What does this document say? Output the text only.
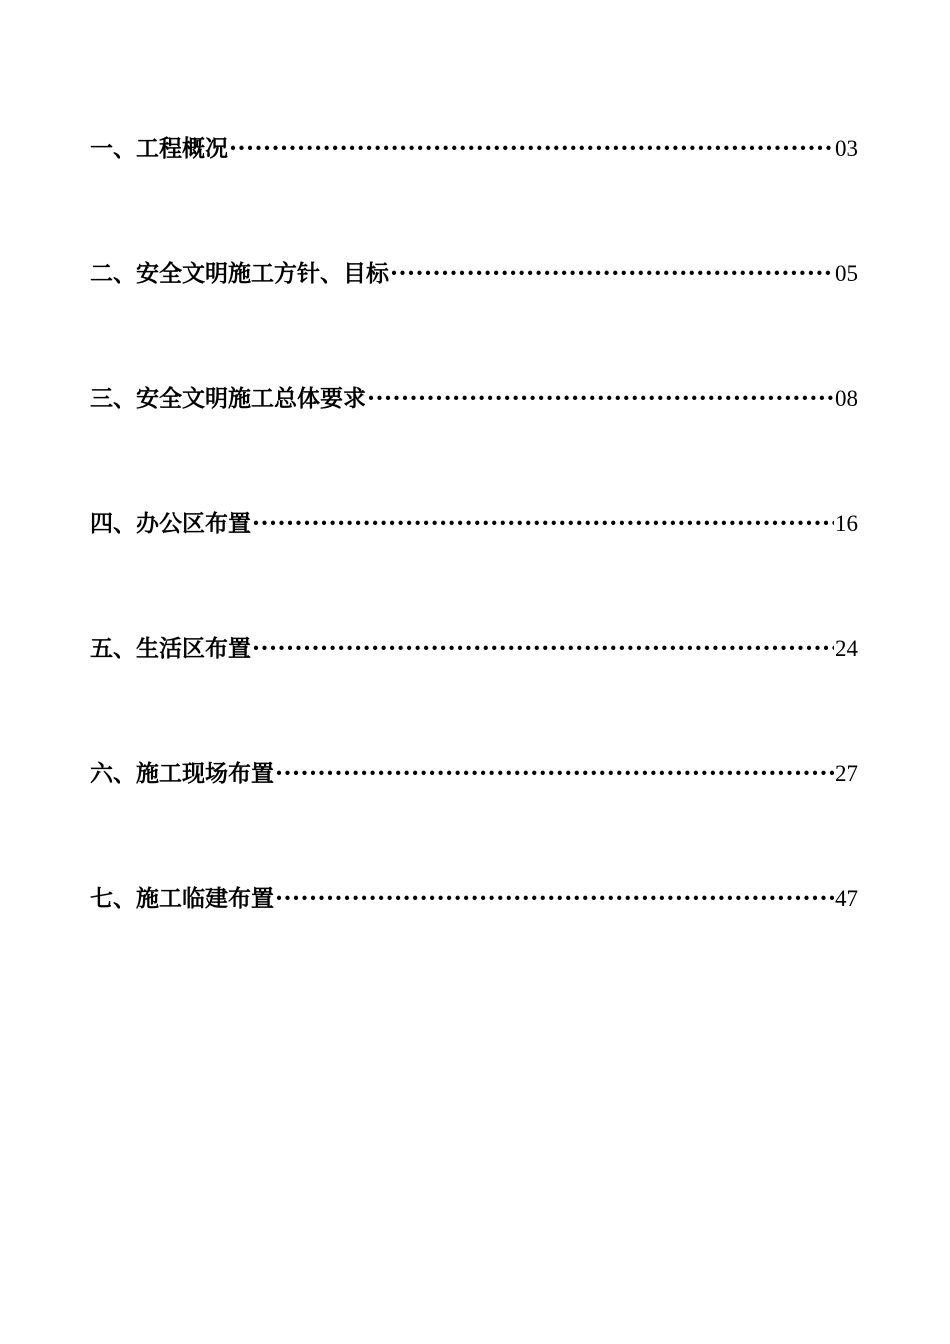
一、工程概况 ·····	03
二、安全文明施工方针、目标 ·····	05
三、安全文明施工总体要求 ·····	08
四、办公区布置 ·····	16
五、生活区布置 ·····	24
六、施工现场布置 ·····	27
七、施工临建布置 ·····	47
